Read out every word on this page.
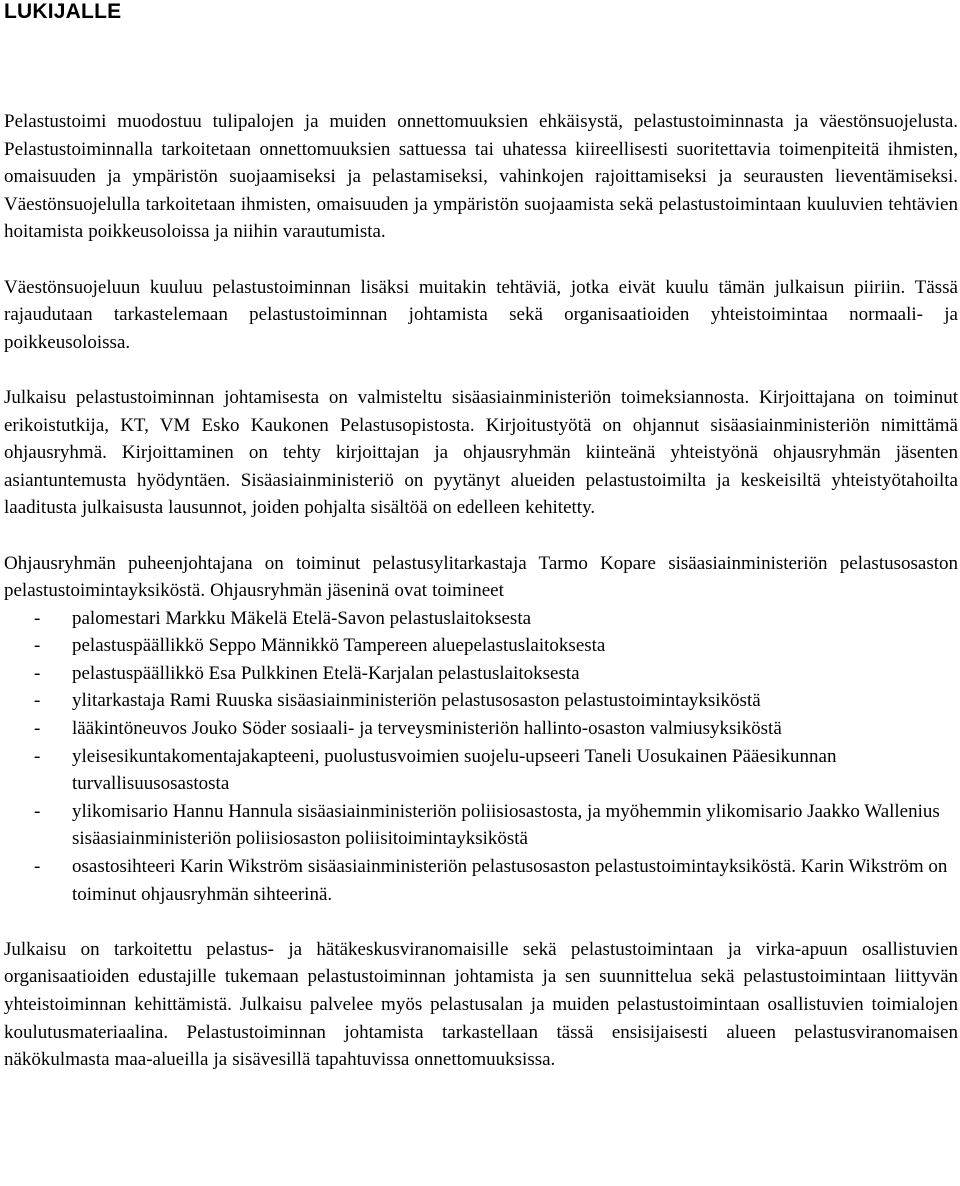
LUKIJALLE

Pelastustoimi muodostuu tulipalojen ja muiden onnettomuuksien ehkäisystä, pelastustoiminnasta ja väestönsuojelusta. Pelastustoiminnalla tarkoitetaan onnettomuuksien sattuessa tai uhatessa kiireellisesti suoritettavia toimenpiteitä ihmisten, omaisuuden ja ympäristön suojaamiseksi ja pelastamiseksi, vahinkojen rajoittamiseksi ja seurausten lieventämiseksi. Väestönsuojelulla tarkoitetaan ihmisten, omaisuuden ja ympäristön suojaamista sekä pelastustoimintaan kuuluvien tehtävien hoitamista poikkeusoloissa ja niihin varautumista.

Väestönsuojeluun kuuluu pelastustoiminnan lisäksi muitakin tehtäviä, jotka eivät kuulu tämän julkaisun piiriin. Tässä rajaudutaan tarkastelemaan pelastustoiminnan johtamista sekä organisaatioiden yhteistoimintaa normaali- ja poikkeusoloissa.

Julkaisu pelastustoiminnan johtamisesta on valmisteltu sisäasiainministeriön toimeksiannosta. Kirjoittajana on toiminut erikoistutkija, KT, VM Esko Kaukonen Pelastusopistosta. Kirjoitustyötä on ohjannut sisäasiainministeriön nimittämä ohjausryhmä. Kirjoittaminen on tehty kirjoittajan ja ohjausryhmän kiinteänä yhteistyönä ohjausryhmän jäsenten asiantuntemusta hyödyntäen. Sisäasiainministeriö on pyytänyt alueiden pelastustoimilta ja keskeisiltä yhteistyötahoilta laaditusta julkaisusta lausunnot, joiden pohjalta sisältöä on edelleen kehitetty.

Ohjausryhmän puheenjohtajana on toiminut pelastusylitarkastaja Tarmo Kopare sisäasiainministeriön pelastusosaston pelastustoimintayksiköstä. Ohjausryhmän jäseninä ovat toimineet

- palomestari Markku Mäkelä Etelä-Savon pelastuslaitoksesta
- pelastuspäällikkö Seppo Männikkö Tampereen aluepelastuslaitoksesta
- pelastuspäällikkö Esa Pulkkinen Etelä-Karjalan pelastuslaitoksesta
- ylitarkastaja Rami Ruuska sisäasiainministeriön pelastusosaston pelastustoimintayksiköstä
- lääkintöneuvos Jouko Söder sosiaali- ja terveysministeriön hallinto-osaston valmiusyksiköstä
- yleisesikuntakomentajakapteeni, puolustusvoimien suojelu-upseeri Taneli Uosukainen Pääesikunnan turvallisuusosastosta
- ylikomisario Hannu Hannula sisäasiainministeriön poliisiosastosta, ja myöhemmin ylikomisario Jaakko Wallenius sisäasiainministeriön poliisiosaston poliisitoimintayksiköstä
- osastosihteeri Karin Wikström sisäasiainministeriön pelastusosaston pelastustoimintayksiköstä. Karin Wikström on toiminut ohjausryhmän sihteerinä.

Julkaisu on tarkoitettu pelastus- ja hätäkeskusviranomaisille sekä pelastustoimintaan ja virka-apuun osallistuvien organisaatioiden edustajille tukemaan pelastustoiminnan johtamista ja sen suunnittelua sekä pelastustoimintaan liittyvän yhteistoiminnan kehittämistä. Julkaisu palvelee myös pelastusalan ja muiden pelastustoimintaan osallistuvien toimialojen koulutusmateriaalina. Pelastustoiminnan johtamista tarkastellaan tässä ensisijaisesti alueen pelastusviranomaisen näkökulmasta maa-alueilla ja sisävesillä tapahtuvissa onnettomuuksissa.
